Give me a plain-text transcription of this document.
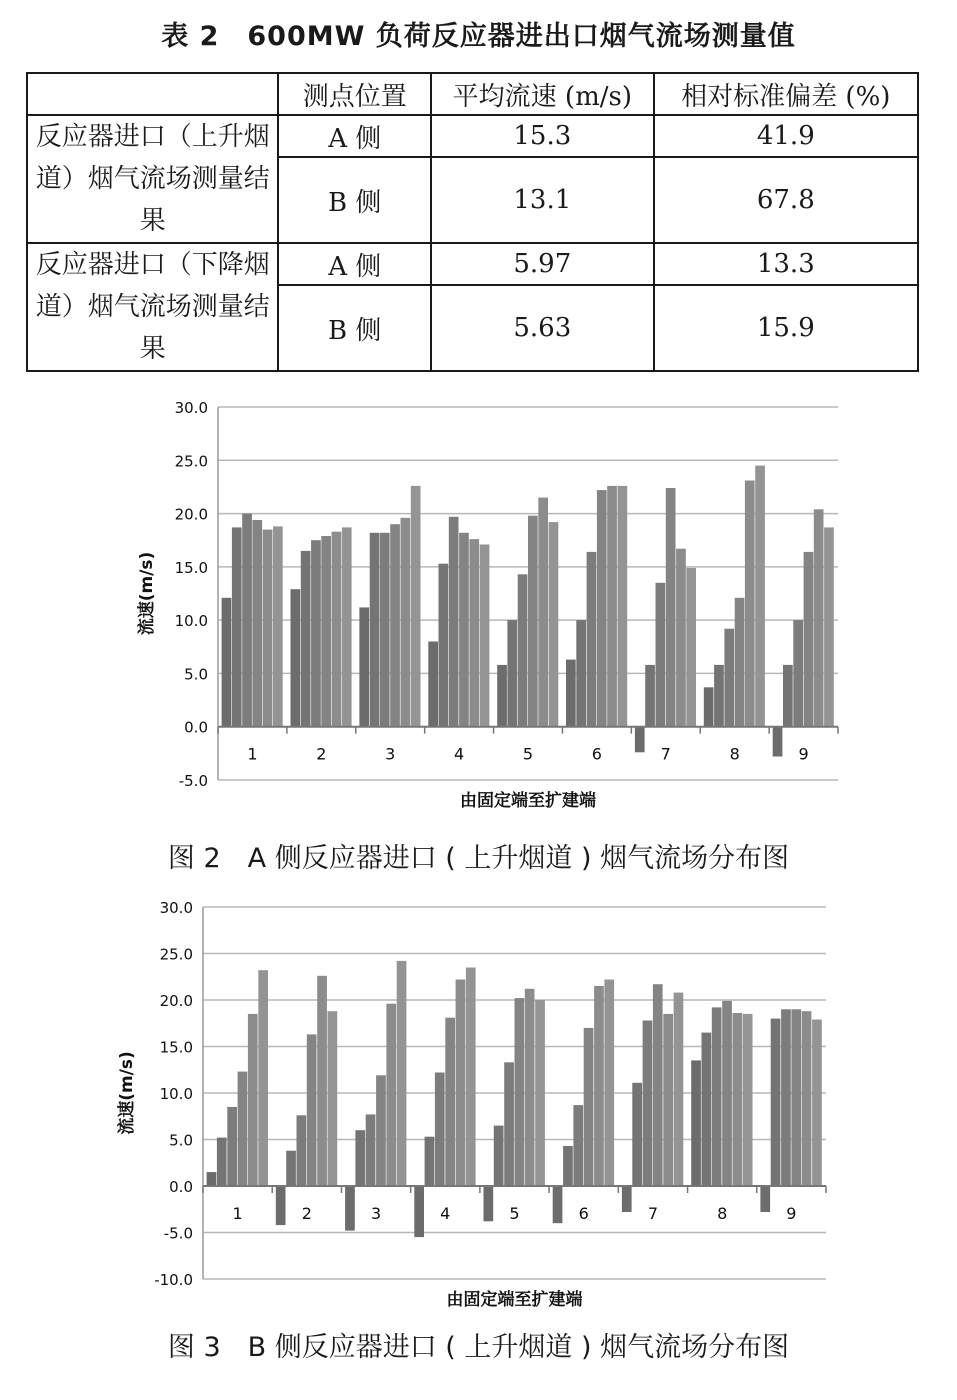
表 2　600MW 负荷反应器进出口烟气流场测量值
	测点位置	平均流速 (m/s)	相对标准偏差 (%)
反应器进口（上升烟道）烟气流场测量结果	A 侧	15.3	41.9
	B 侧	13.1	67.8
反应器进口（下降烟道）烟气流场测量结果	A 侧	5.97	13.3
	B 侧	5.63	15.9
30.0
25.0
20.0
15.0
10.0
5.0
0.0
-5.0
1	2	3	4	5	6	7	8	9
由固定端至扩建端
流速(m/s)
图 2　A 侧反应器进口 ( 上升烟道 ) 烟气流场分布图
30.0
25.0
20.0
15.0
10.0
5.0
0.0
-5.0
-10.0
1	2	3	4	5	6	7	8	9
由固定端至扩建端
流速(m/s)
图 3　B 侧反应器进口 ( 上升烟道 ) 烟气流场分布图
